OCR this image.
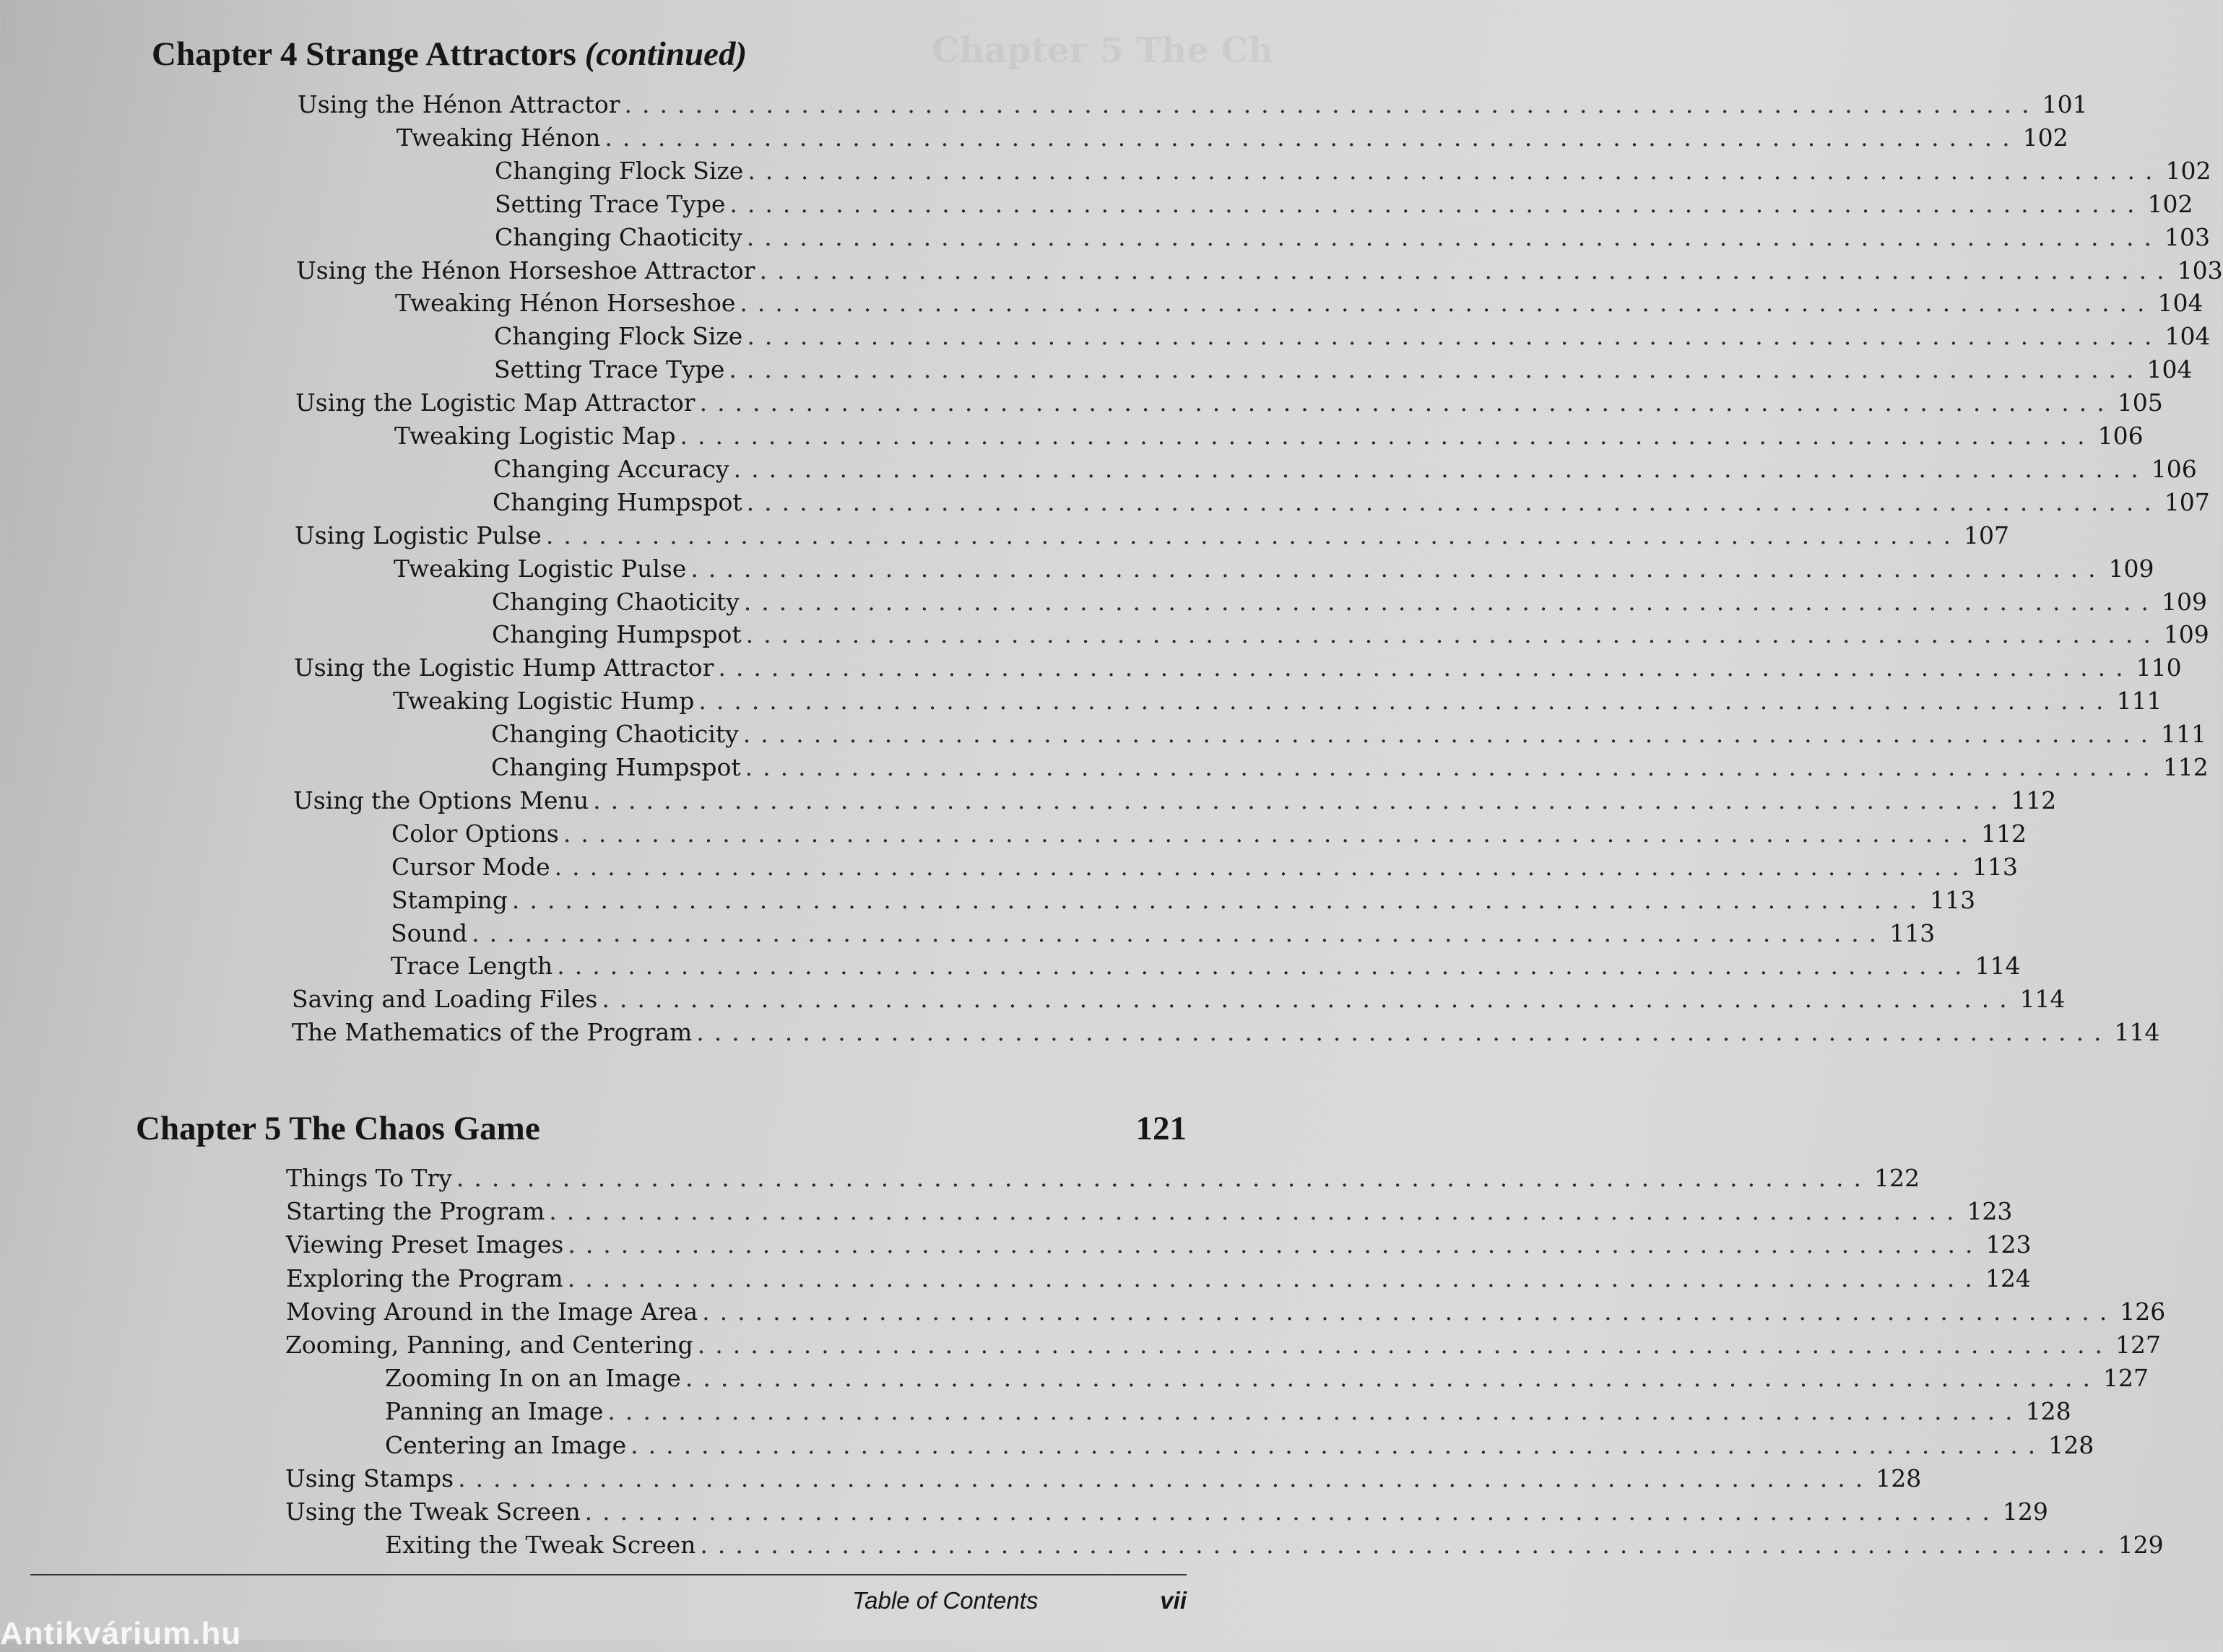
Chapter 5 The Ch
Chapter 4 Strange Attractors (continued)
Using the Hénon Attractor ................................................................................ 101
Tweaking Hénon ................................................................................ 102
Changing Flock Size ................................................................................ 102
Setting Trace Type ................................................................................ 102
Changing Chaoticity ................................................................................ 103
Using the Hénon Horseshoe Attractor ................................................................................ 103
Tweaking Hénon Horseshoe ................................................................................ 104
Changing Flock Size ................................................................................ 104
Setting Trace Type ................................................................................ 104
Using the Logistic Map Attractor ................................................................................ 105
Tweaking Logistic Map ................................................................................ 106
Changing Accuracy ................................................................................ 106
Changing Humpspot ................................................................................ 107
Using Logistic Pulse ................................................................................ 107
Tweaking Logistic Pulse ................................................................................ 109
Changing Chaoticity ................................................................................ 109
Changing Humpspot ................................................................................ 109
Using the Logistic Hump Attractor ................................................................................ 110
Tweaking Logistic Hump ................................................................................ 111
Changing Chaoticity ................................................................................ 111
Changing Humpspot ................................................................................ 112
Using the Options Menu ................................................................................ 112
Color Options ................................................................................ 112
Cursor Mode ................................................................................ 113
Stamping ................................................................................ 113
Sound ................................................................................ 113
Trace Length ................................................................................ 114
Saving and Loading Files ................................................................................ 114
The Mathematics of the Program ................................................................................ 114
Chapter 5 The Chaos Game	121
Things To Try ................................................................................ 122
Starting the Program ................................................................................ 123
Viewing Preset Images ................................................................................ 123
Exploring the Program ................................................................................ 124
Moving Around in the Image Area ................................................................................ 126
Zooming, Panning, and Centering ................................................................................ 127
Zooming In on an Image ................................................................................ 127
Panning an Image ................................................................................ 128
Centering an Image ................................................................................ 128
Using Stamps ................................................................................ 128
Using the Tweak Screen ................................................................................ 129
Exiting the Tweak Screen ................................................................................ 129
Table of Contents	vii
Antikvárium.hu
